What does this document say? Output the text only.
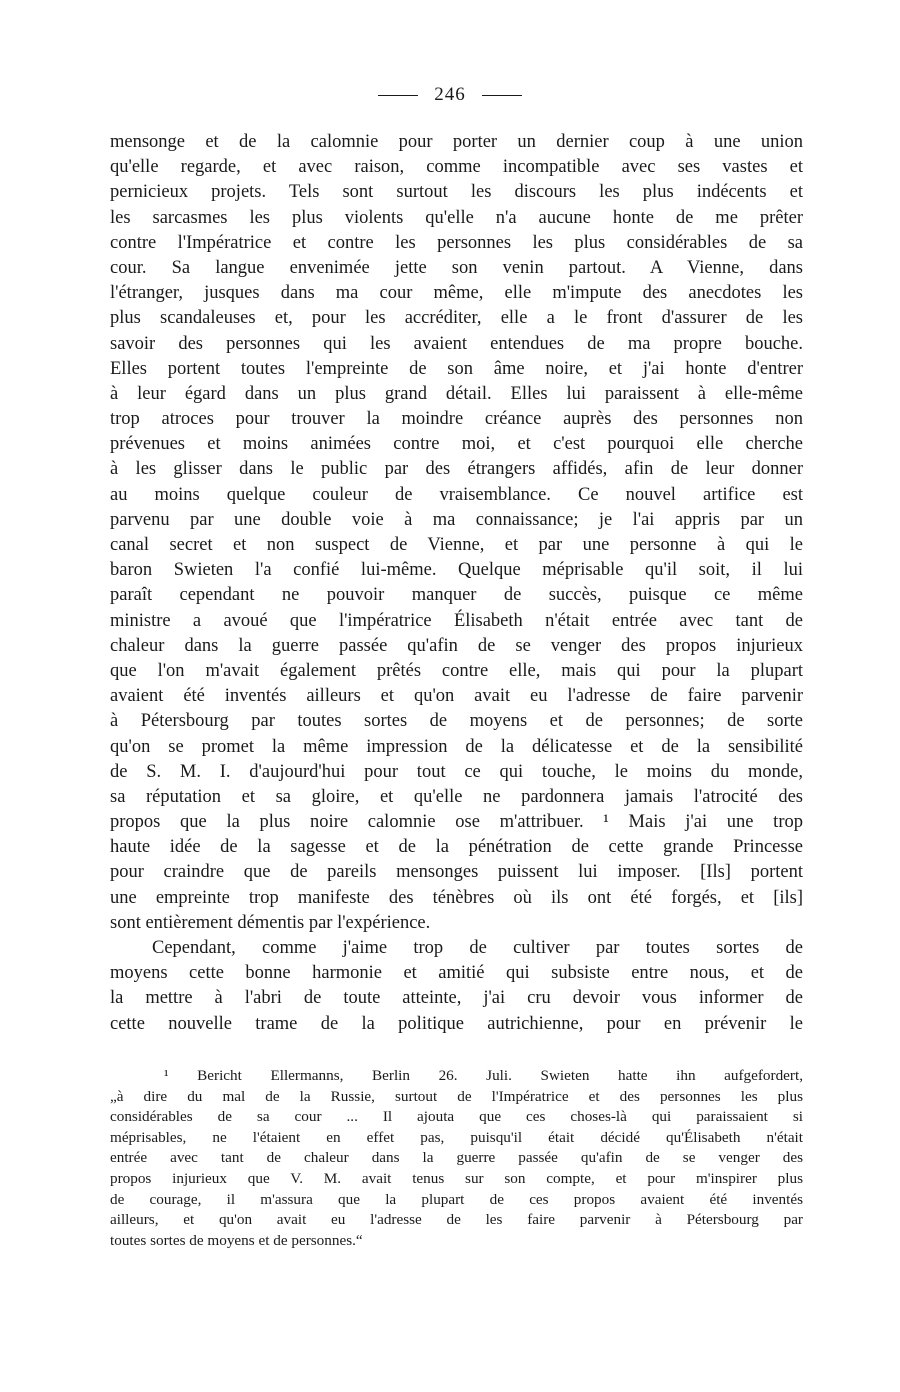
246
mensonge et de la calomnie pour porter un dernier coup à une union
qu'elle regarde, et avec raison, comme incompatible avec ses vastes et
pernicieux projets. Tels sont surtout les discours les plus indécents et
les sarcasmes les plus violents qu'elle n'a aucune honte de me prêter
contre l'Impératrice et contre les personnes les plus considérables de sa
cour. Sa langue envenimée jette son venin partout. A Vienne, dans
l'étranger, jusques dans ma cour même, elle m'impute des anecdotes les
plus scandaleuses et, pour les accréditer, elle a le front d'assurer de les
savoir des personnes qui les avaient entendues de ma propre bouche.
Elles portent toutes l'empreinte de son âme noire, et j'ai honte d'entrer
à leur égard dans un plus grand détail. Elles lui paraissent à elle-même
trop atroces pour trouver la moindre créance auprès des personnes non
prévenues et moins animées contre moi, et c'est pourquoi elle cherche
à les glisser dans le public par des étrangers affidés, afin de leur donner
au moins quelque couleur de vraisemblance. Ce nouvel artifice est
parvenu par une double voie à ma connaissance; je l'ai appris par un
canal secret et non suspect de Vienne, et par une personne à qui le
baron Swieten l'a confié lui-même. Quelque méprisable qu'il soit, il lui
paraît cependant ne pouvoir manquer de succès, puisque ce même
ministre a avoué que l'impératrice Élisabeth n'était entrée avec tant de
chaleur dans la guerre passée qu'afin de se venger des propos injurieux
que l'on m'avait également prêtés contre elle, mais qui pour la plupart
avaient été inventés ailleurs et qu'on avait eu l'adresse de faire parvenir
à Pétersbourg par toutes sortes de moyens et de personnes; de sorte
qu'on se promet la même impression de la délicatesse et de la sensibilité
de S. M. I. d'aujourd'hui pour tout ce qui touche, le moins du monde,
sa réputation et sa gloire, et qu'elle ne pardonnera jamais l'atrocité des
propos que la plus noire calomnie ose m'attribuer. ¹ Mais j'ai une trop
haute idée de la sagesse et de la pénétration de cette grande Princesse
pour craindre que de pareils mensonges puissent lui imposer. [Ils] portent
une empreinte trop manifeste des ténèbres où ils ont été forgés, et [ils]
sont entièrement démentis par l'expérience.
Cependant, comme j'aime trop de cultiver par toutes sortes de
moyens cette bonne harmonie et amitié qui subsiste entre nous, et de
la mettre à l'abri de toute atteinte, j'ai cru devoir vous informer de
cette nouvelle trame de la politique autrichienne, pour en prévenir le
¹ Bericht Ellermanns, Berlin 26. Juli. Swieten hatte ihn aufgefordert,
„à dire du mal de la Russie, surtout de l'Impératrice et des personnes les plus
considérables de sa cour ... Il ajouta que ces choses-là qui paraissaient si
méprisables, ne l'étaient en effet pas, puisqu'il était décidé qu'Élisabeth n'était
entrée avec tant de chaleur dans la guerre passée qu'afin de se venger des
propos injurieux que V. M. avait tenus sur son compte, et pour m'inspirer plus
de courage, il m'assura que la plupart de ces propos avaient été inventés
ailleurs, et qu'on avait eu l'adresse de les faire parvenir à Pétersbourg par
toutes sortes de moyens et de personnes.“
